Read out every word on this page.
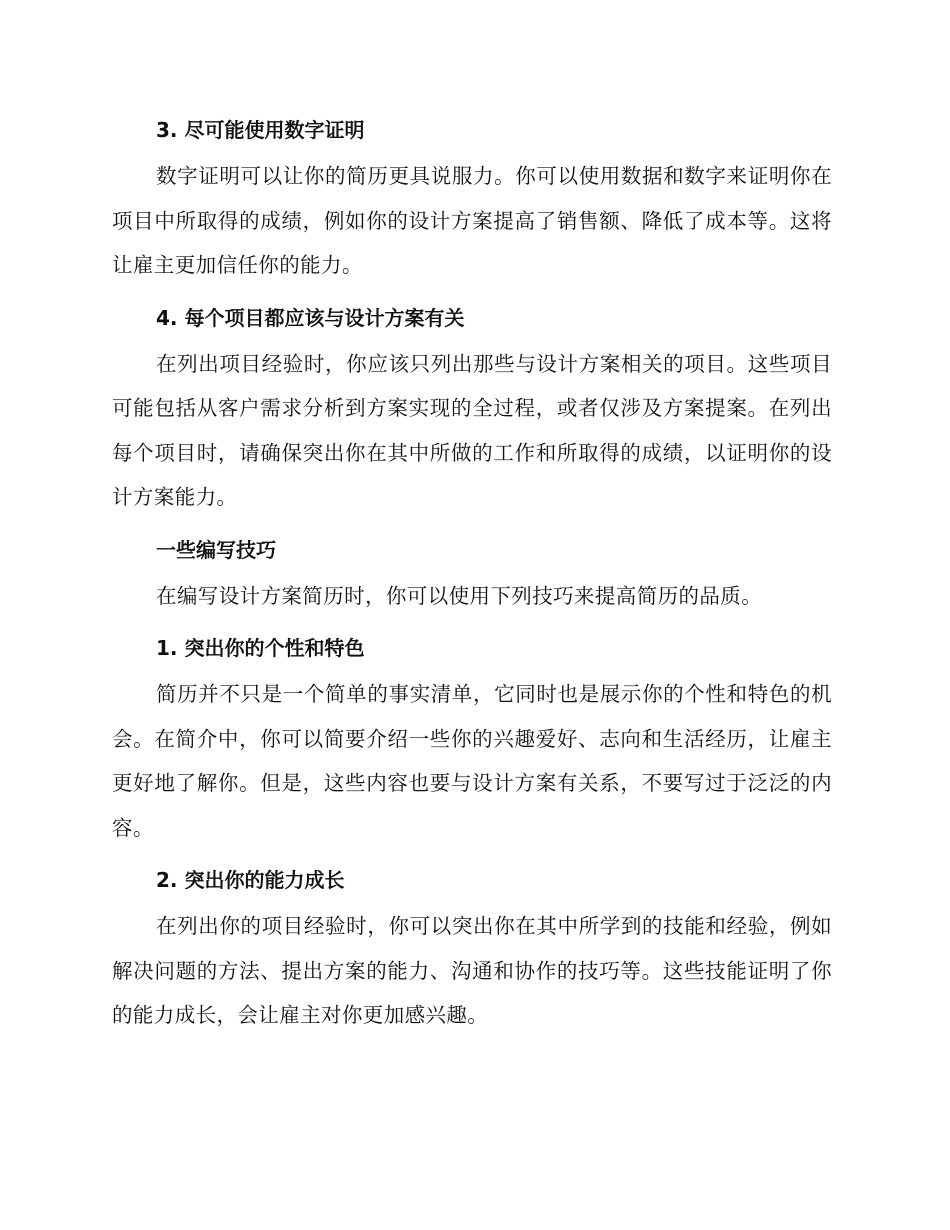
3. 尽可能使用数字证明

数字证明可以让你的简历更具说服力。你可以使用数据和数字来证明你在项目中所取得的成绩，例如你的设计方案提高了销售额、降低了成本等。这将让雇主更加信任你的能力。

4. 每个项目都应该与设计方案有关

在列出项目经验时，你应该只列出那些与设计方案相关的项目。这些项目可能包括从客户需求分析到方案实现的全过程，或者仅涉及方案提案。在列出每个项目时，请确保突出你在其中所做的工作和所取得的成绩，以证明你的设计方案能力。

一些编写技巧

在编写设计方案简历时，你可以使用下列技巧来提高简历的品质。

1. 突出你的个性和特色

简历并不只是一个简单的事实清单，它同时也是展示你的个性和特色的机会。在简介中，你可以简要介绍一些你的兴趣爱好、志向和生活经历，让雇主更好地了解你。但是，这些内容也要与设计方案有关系，不要写过于泛泛的内容。

2. 突出你的能力成长

在列出你的项目经验时，你可以突出你在其中所学到的技能和经验，例如解决问题的方法、提出方案的能力、沟通和协作的技巧等。这些技能证明了你的能力成长，会让雇主对你更加感兴趣。
